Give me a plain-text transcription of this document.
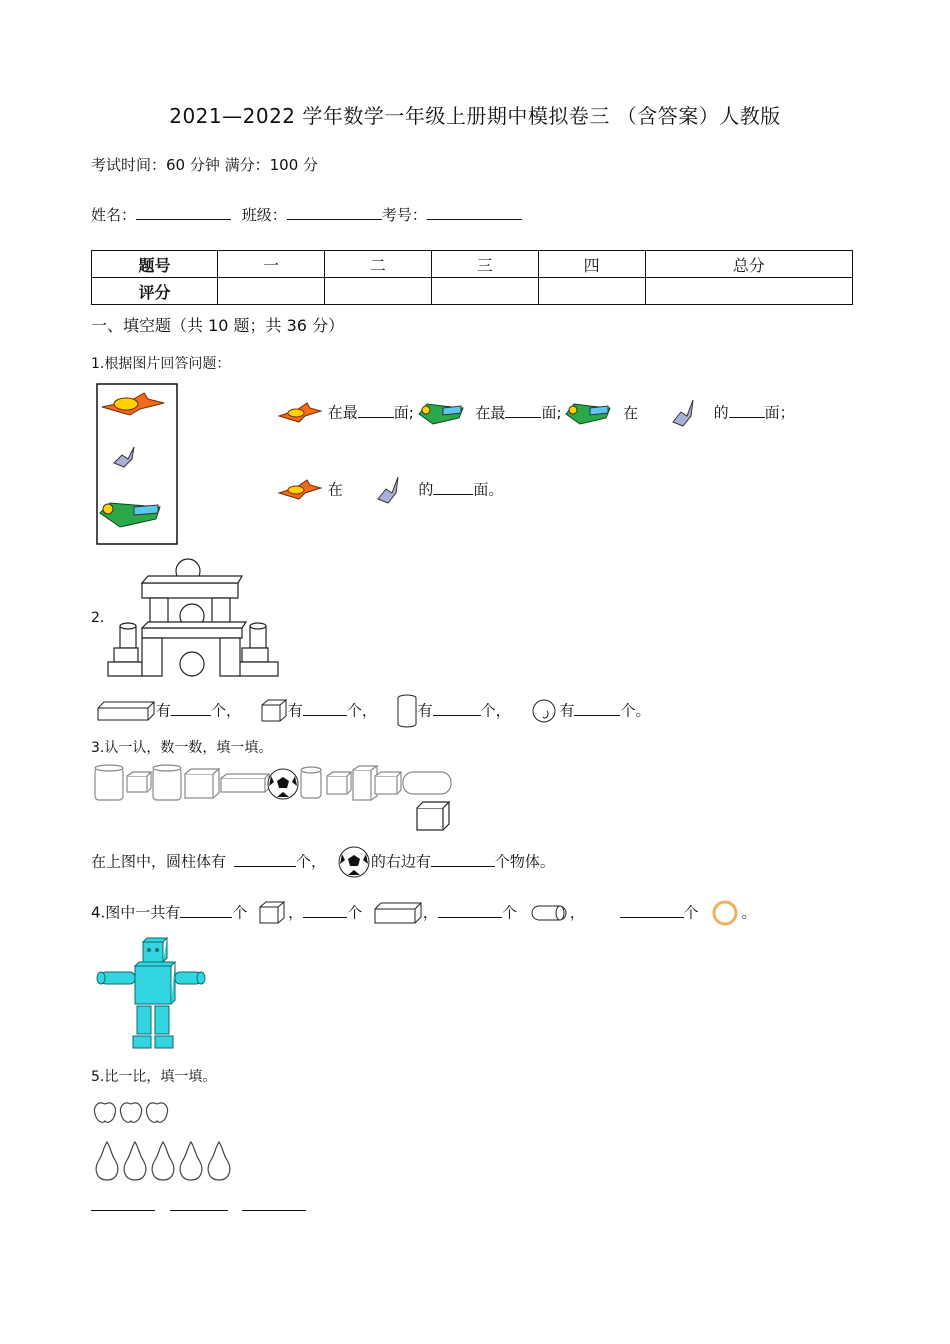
2021—2022 学年数学一年级上册期中模拟卷三 （含答案）人教版
考试时间：60 分钟 满分：100 分
姓名：	班级：	考号：
题号	一	二	三	四	总分
评分					
一、填空题（共 10 题；共 36 分）
1.根据图片回答问题：
在最 面;	在最 面;	在	的 面；
在	的	面。
2.
有	个，	有	个，	有	个，	有	个。
3.认一认，数一数，填一填。
在上图中，圆柱体有	个，	的右边有	个物体。
4.图中一共有	个	，	个	，	个	，	个	。
5.比一比，填一填。
